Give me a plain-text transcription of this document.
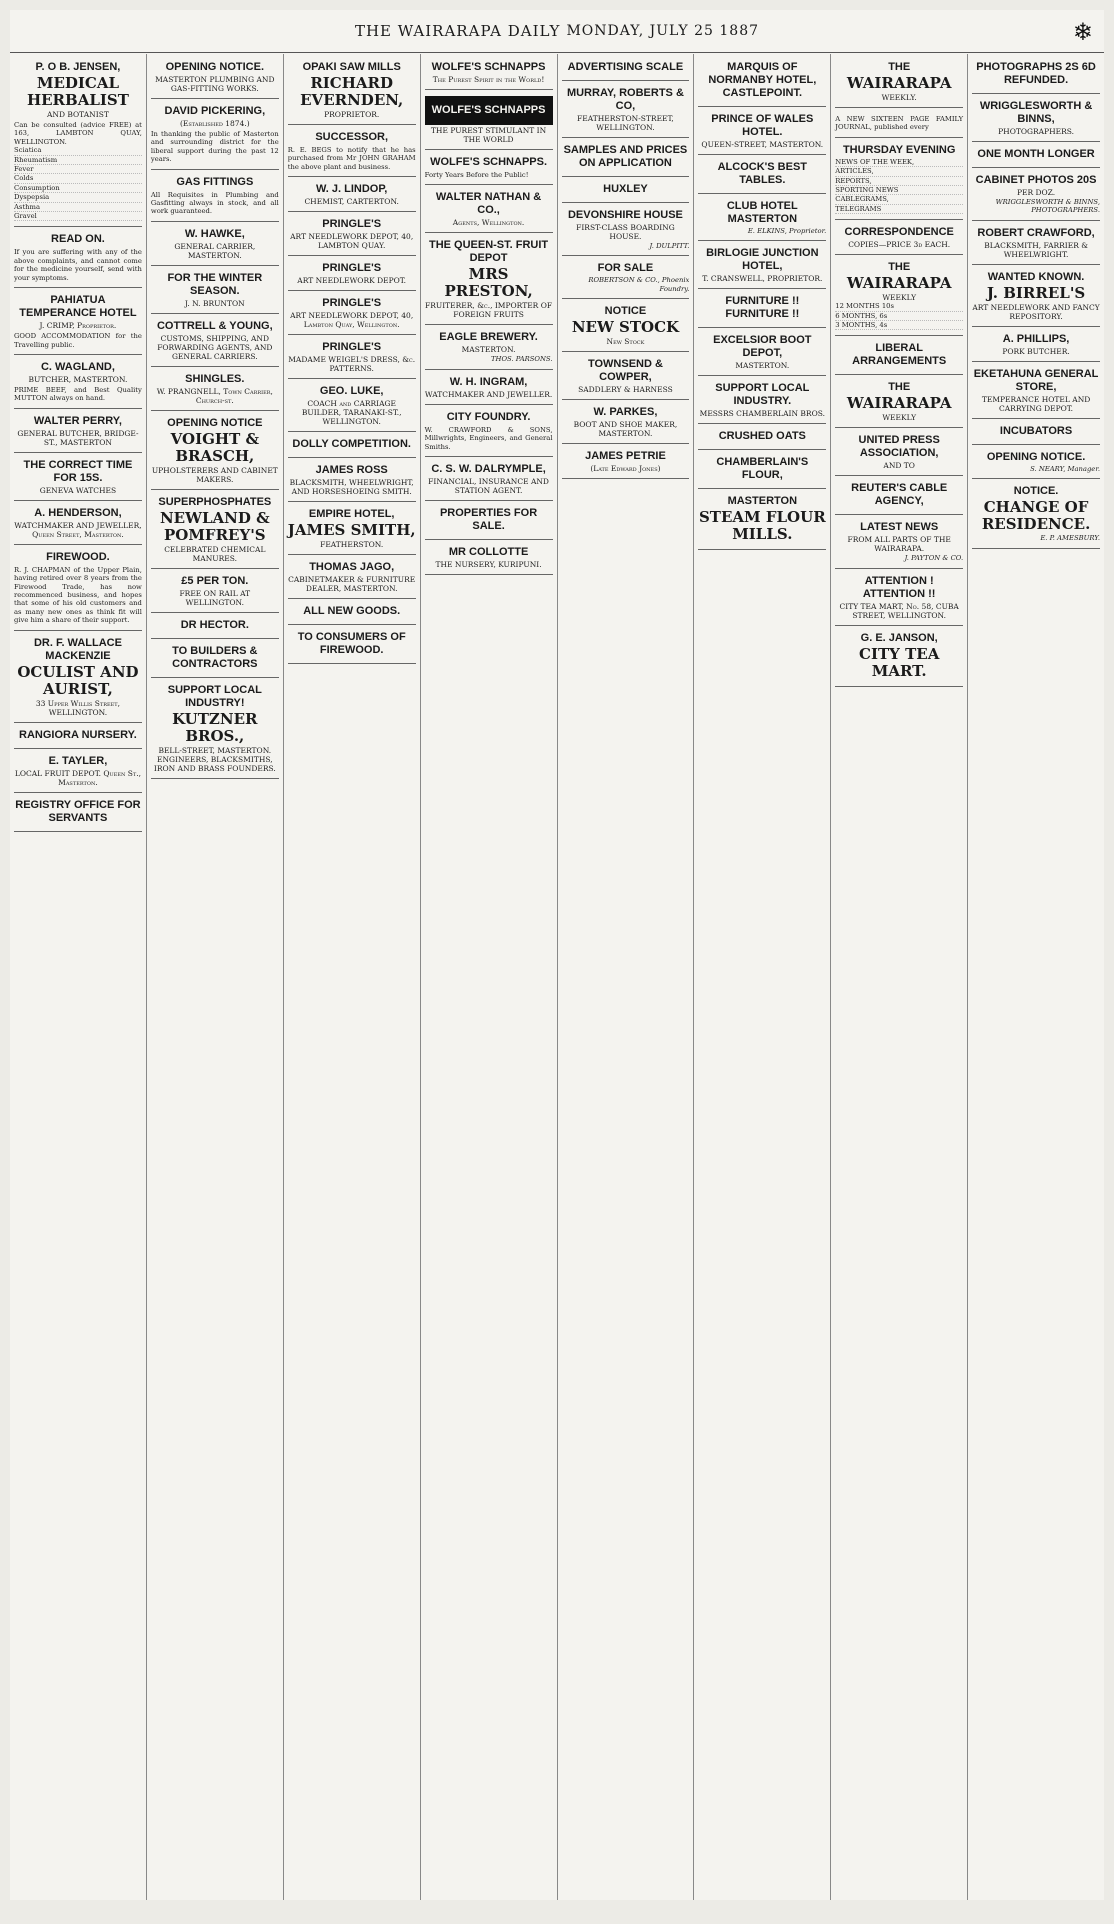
THE WAIRARAPA DAILY MONDAY, JULY 25 1887	❄
P. O B. JENSEN,
MEDICAL HERBALIST
AND BOTANIST
Can be consulted (advice FREE) at 163, LAMBTON QUAY, WELLINGTON.
Sciatica
Rheumatism
Fever
Colds
Consumption
Dyspepsia
Asthma
Gravel
READ ON.
If you are suffering with any of the above complaints, and cannot come for the medicine yourself, send with your symptoms.
PAHIATUA TEMPERANCE HOTEL
J. CRIMP, Proprietor.
GOOD ACCOMMODATION for the Travelling public.
C. WAGLAND,
BUTCHER, MASTERTON.
PRIME BEEF, and Best Quality MUTTON always on hand.
WALTER PERRY,
GENERAL BUTCHER, BRIDGE-ST., MASTERTON
THE CORRECT TIME FOR 15S.
GENEVA WATCHES
A. HENDERSON,
WATCHMAKER AND JEWELLER, Queen Street, Masterton.
FIREWOOD.
R. J. CHAPMAN of the Upper Plain, having retired over 8 years from the Firewood Trade, has now recommenced business, and hopes that some of his old customers and as many new ones as think fit will give him a share of their support.
DR. F. WALLACE MACKENZIE
OCULIST AND AURIST,
33 Upper Willis Street, WELLINGTON.
RANGIORA NURSERY.
E. TAYLER,
LOCAL FRUIT DEPOT. Queen St., Masterton.
REGISTRY OFFICE FOR SERVANTS
OPENING NOTICE.
MASTERTON PLUMBING AND GAS-FITTING WORKS.
DAVID PICKERING,
(Established 1874.)
In thanking the public of Masterton and surrounding district for the liberal support during the past 12 years.
GAS FITTINGS
All Requisites in Plumbing and Gasfitting always in stock, and all work guaranteed.
W. HAWKE,
GENERAL CARRIER, MASTERTON.
FOR THE WINTER SEASON.
J. N. BRUNTON
COTTRELL & YOUNG,
CUSTOMS, SHIPPING, AND FORWARDING AGENTS, AND GENERAL CARRIERS.
SHINGLES.
W. PRANGNELL, Town Carrier, Church-st.
OPENING NOTICE
VOIGHT & BRASCH,
UPHOLSTERERS AND CABINET MAKERS.
SUPERPHOSPHATES
NEWLAND & POMFREY'S
CELEBRATED CHEMICAL MANURES.
£5 PER TON.
FREE ON RAIL AT WELLINGTON.
DR HECTOR.
TO BUILDERS & CONTRACTORS
SUPPORT LOCAL INDUSTRY!
KUTZNER BROS.,
BELL-STREET, MASTERTON. ENGINEERS, BLACKSMITHS, IRON AND BRASS FOUNDERS.
OPAKI SAW MILLS
RICHARD EVERNDEN,
PROPRIETOR.
SUCCESSOR,
R. E. BEGS to notify that he has purchased from Mr JOHN GRAHAM the above plant and business.
W. J. LINDOP,
CHEMIST, CARTERTON.
PRINGLE'S
ART NEEDLEWORK DEPOT, 40, LAMBTON QUAY.
PRINGLE'S
ART NEEDLEWORK DEPOT.
PRINGLE'S
ART NEEDLEWORK DEPOT, 40, Lambton Quay, Wellington.
PRINGLE'S
MADAME WEIGEL'S DRESS, &c. PATTERNS.
GEO. LUKE,
COACH and CARRIAGE BUILDER, TARANAKI-ST., WELLINGTON.
DOLLY COMPETITION.
JAMES ROSS
BLACKSMITH, WHEELWRIGHT, AND HORSESHOEING SMITH.
EMPIRE HOTEL,
JAMES SMITH,
FEATHERSTON.
THOMAS JAGO,
CABINETMAKER & FURNITURE DEALER, MASTERTON.
ALL NEW GOODS.
TO CONSUMERS OF FIREWOOD.
WOLFE'S SCHNAPPS
The Purest Spirit in the World!
WOLFE'S SCHNAPPS
THE PUREST STIMULANT IN THE WORLD
WOLFE'S SCHNAPPS.
Forty Years Before the Public!
WALTER NATHAN & CO.,
Agents, Wellington.
THE QUEEN-ST. FRUIT DEPOT
MRS PRESTON,
FRUITERER, &c., IMPORTER OF FOREIGN FRUITS
EAGLE BREWERY.
MASTERTON.
THOS. PARSONS.
W. H. INGRAM,
WATCHMAKER AND JEWELLER.
CITY FOUNDRY.
W. CRAWFORD & SONS, Millwrights, Engineers, and General Smiths.
C. S. W. DALRYMPLE,
FINANCIAL, INSURANCE AND STATION AGENT.
PROPERTIES FOR SALE.
MR COLLOTTE
THE NURSERY, KURIPUNI.
ADVERTISING SCALE
MURRAY, ROBERTS & CO,
FEATHERSTON-STREET, WELLINGTON.
SAMPLES AND PRICES ON APPLICATION
HUXLEY
DEVONSHIRE HOUSE
FIRST-CLASS BOARDING HOUSE.
J. DULPITT.
FOR SALE
ROBERTSON & CO., Phoenix Foundry.
NOTICE
NEW STOCK
New Stock
TOWNSEND & COWPER,
SADDLERY & HARNESS
W. PARKES,
BOOT AND SHOE MAKER, MASTERTON.
JAMES PETRIE
(Late Edward Jones)
MARQUIS OF NORMANBY HOTEL, CASTLEPOINT.
PRINCE OF WALES HOTEL.
QUEEN-STREET, MASTERTON.
ALCOCK'S BEST TABLES.
CLUB HOTEL MASTERTON
E. ELKINS, Proprietor.
BIRLOGIE JUNCTION HOTEL,
T. CRANSWELL, PROPRIETOR.
FURNITURE !! FURNITURE !!
EXCELSIOR BOOT DEPOT,
MASTERTON.
SUPPORT LOCAL INDUSTRY.
MESSRS CHAMBERLAIN BROS.
CRUSHED OATS
CHAMBERLAIN'S FLOUR,
MASTERTON
STEAM FLOUR MILLS.
THE
WAIRARAPA
WEEKLY.
A NEW SIXTEEN PAGE FAMILY JOURNAL, published every
THURSDAY EVENING
NEWS OF THE WEEK,
ARTICLES,
REPORTS,
SPORTING NEWS
CABLEGRAMS,
TELEGRAMS
CORRESPONDENCE
COPIES—PRICE 3d EACH.
THE
WAIRARAPA
WEEKLY
12 MONTHS 10s
6 MONTHS, 6s
3 MONTHS, 4s
LIBERAL ARRANGEMENTS
THE
WAIRARAPA
WEEKLY
UNITED PRESS ASSOCIATION,
AND TO
REUTER'S CABLE AGENCY,
LATEST NEWS
FROM ALL PARTS OF THE WAIRARAPA.
J. PAYTON & CO.
ATTENTION ! ATTENTION !!
CITY TEA MART, No. 58, CUBA STREET, WELLINGTON.
G. E. JANSON,
CITY TEA MART.
PHOTOGRAPHS 2S 6D REFUNDED.
WRIGGLESWORTH & BINNS,
PHOTOGRAPHERS.
ONE MONTH LONGER
CABINET PHOTOS 20S
PER DOZ.
WRIGGLESWORTH & BINNS, PHOTOGRAPHERS.
ROBERT CRAWFORD,
BLACKSMITH, FARRIER & WHEELWRIGHT.
WANTED KNOWN.
J. BIRREL'S
ART NEEDLEWORK AND FANCY REPOSITORY.
A. PHILLIPS,
PORK BUTCHER.
EKETAHUNA GENERAL STORE,
TEMPERANCE HOTEL AND CARRYING DEPOT.
INCUBATORS
OPENING NOTICE.
S. NEARY, Manager.
NOTICE.
CHANGE OF RESIDENCE.
E. P. AMESBURY.
